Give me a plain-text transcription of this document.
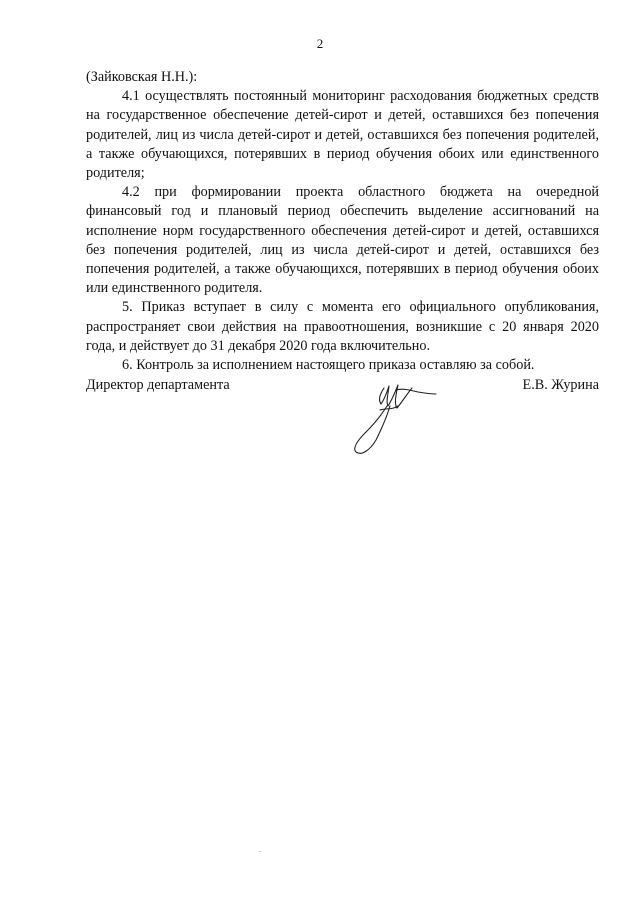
2

(Зайковская Н.Н.):

4.1 осуществлять постоянный мониторинг расходования бюджетных средств на государственное обеспечение детей-сирот и детей, оставшихся без попечения родителей, лиц из числа детей-сирот и детей, оставшихся без попечения родителей, а также обучающихся, потерявших в период обучения обоих или единственного родителя;

4.2 при формировании проекта областного бюджета на очередной финансовый год и плановый период обеспечить выделение ассигнований на исполнение норм государственного обеспечения детей-сирот и детей, оставшихся без попечения родителей, лиц из числа детей-сирот и детей, оставшихся без попечения родителей, а также обучающихся, потерявших в период обучения обоих или единственного родителя.

5. Приказ вступает в силу с момента его официального опубликования, распространяет свои действия на правоотношения, возникшие с 20 января 2020 года, и действует до 31 декабря 2020 года включительно.

6. Контроль за исполнением настоящего приказа оставляю за собой.

Директор департамента	Е.В. Журина
